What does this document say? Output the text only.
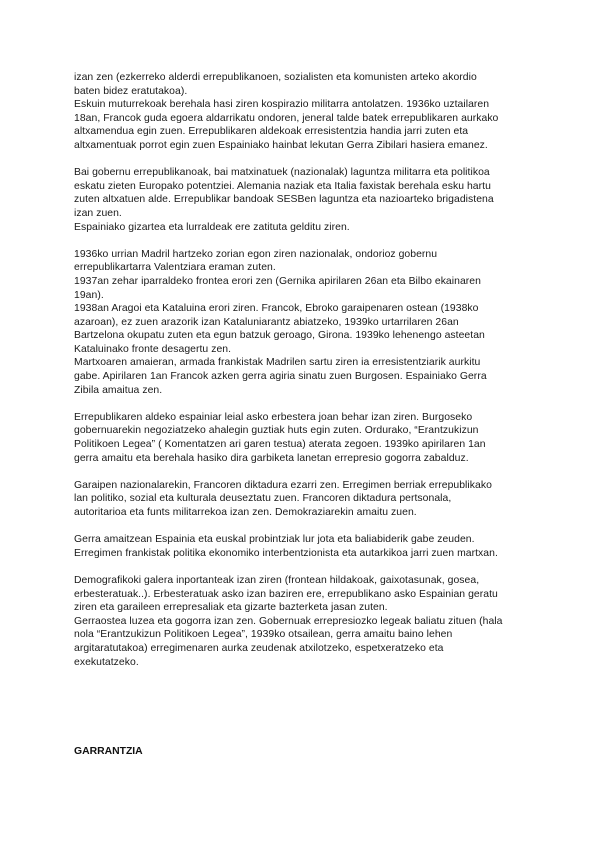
izan zen (ezkerreko alderdi errepublikanoen, sozialisten eta komunisten arteko akordio
baten bidez eratutakoa).
Eskuin muturrekoak berehala hasi ziren kospirazio militarra antolatzen. 1936ko uztailaren
18an, Francok guda egoera aldarrikatu ondoren, jeneral talde batek errepublikaren aurkako
altxamendua egin zuen. Errepublikaren aldekoak erresistentzia handia jarri zuten eta
altxamentuak porrot egin zuen Espainiako hainbat lekutan Gerra Zibilari hasiera emanez.
Bai gobernu errepublikanoak, bai matxinatuek (nazionalak) laguntza militarra eta politikoa
eskatu zieten Europako potentziei. Alemania naziak eta Italia faxistak berehala esku hartu
zuten altxatuen alde. Errepublikar bandoak SESBen laguntza eta nazioarteko brigadistena
izan zuen.
Espainiako gizartea eta lurraldeak ere zatituta gelditu ziren.
1936ko urrian Madril hartzeko zorian egon ziren nazionalak, ondorioz gobernu
errepublikartarra Valentziara eraman zuten.
1937an zehar iparraldeko frontea erori zen (Gernika apirilaren 26an eta Bilbo ekainaren
19an).
1938an Aragoi eta Kataluina erori ziren. Francok, Ebroko garaipenaren ostean (1938ko
azaroan), ez zuen arazorik izan Kataluniarantz abiatzeko, 1939ko urtarrilaren 26an
Bartzelona okupatu zuten eta egun batzuk geroago, Girona. 1939ko lehenengo asteetan
Kataluinako fronte desagertu zen.
Martxoaren amaieran, armada frankistak Madrilen sartu ziren ia erresistentziarik aurkitu
gabe. Apirilaren 1an Francok azken gerra agiria sinatu zuen Burgosen. Espainiako Gerra
Zibila amaitua zen.
Errepublikaren aldeko espainiar leial asko erbestera joan behar izan ziren. Burgoseko
gobernuarekin negoziatzeko ahalegin guztiak huts egin zuten. Ordurako, “Erantzukizun
Politikoen Legea” ( Komentatzen ari garen testua) aterata zegoen. 1939ko apirilaren 1an
gerra amaitu eta berehala hasiko dira garbiketa lanetan errepresio gogorra zabalduz.
Garaipen nazionalarekin, Francoren diktadura ezarri zen. Erregimen berriak errepublikako
lan politiko, sozial eta kulturala deuseztatu zuen. Francoren diktadura pertsonala,
autoritarioa eta funts militarrekoa izan zen. Demokraziarekin amaitu zuen.
Gerra amaitzean Espainia eta euskal probintziak lur jota eta baliabiderik gabe zeuden.
Erregimen frankistak politika ekonomiko interbentzionista eta autarkikoa jarri zuen martxan.
Demografikoki galera inportanteak izan ziren (frontean hildakoak, gaixotasunak, gosea,
erbesteratuak..). Erbesteratuak asko izan baziren ere, errepublikano asko Espainian geratu
ziren eta garaileen errepresaliak eta gizarte bazterketa jasan zuten.
Gerraostea luzea eta gogorra izan zen. Gobernuak errepresiozko legeak baliatu zituen (hala
nola “Erantzukizun Politikoen Legea”, 1939ko otsailean, gerra amaitu baino lehen
argitaratutakoa) erregimenaren aurka zeudenak atxilotzeko, espetxeratzeko eta
exekutatzeko.
GARRANTZIA
